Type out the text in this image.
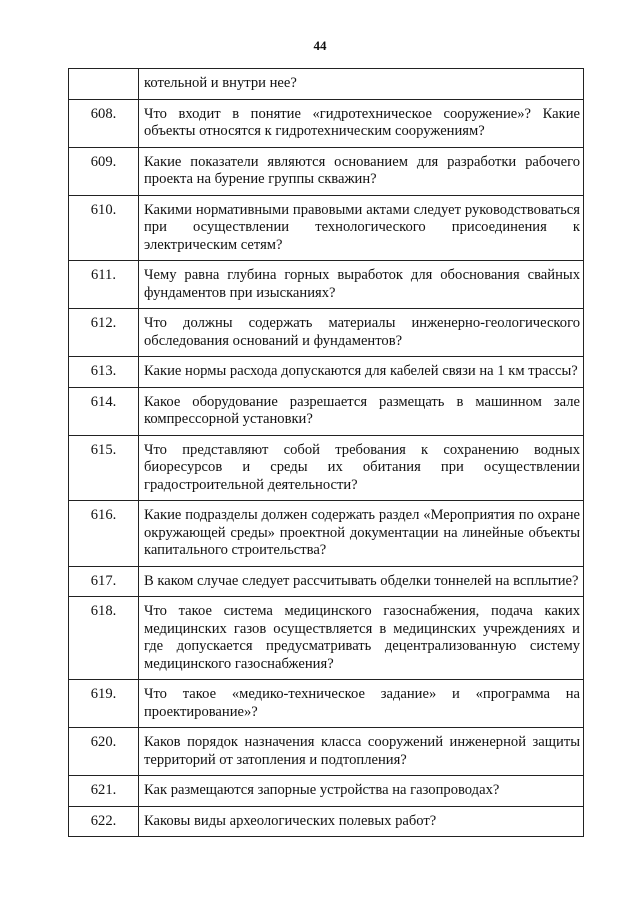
44
	котельной и внутри нее?
608.	Что входит в понятие «гидротехническое сооружение»? Какие объекты относятся к гидротехническим сооружениям?
609.	Какие показатели являются основанием для разработки рабочего проекта на бурение группы скважин?
610.	Какими нормативными правовыми актами следует руководствоваться при осуществлении технологического присоединения к электрическим сетям?
611.	Чему равна глубина горных выработок для обоснования свайных фундаментов при изысканиях?
612.	Что должны содержать материалы инженерно-геологического обследования оснований и фундаментов?
613.	Какие нормы расхода допускаются для кабелей связи на 1 км трассы?
614.	Какое оборудование разрешается размещать в машинном зале компрессорной установки?
615.	Что представляют собой требования к сохранению водных биоресурсов и среды их обитания при осуществлении градостроительной деятельности?
616.	Какие подразделы должен содержать раздел «Мероприятия по охране окружающей среды» проектной документации на линейные объекты капитального строительства?
617.	В каком случае следует рассчитывать обделки тоннелей на всплытие?
618.	Что такое система медицинского газоснабжения, подача каких медицинских газов осуществляется в медицинских учреждениях и где допускается предусматривать децентрализованную систему медицинского газоснабжения?
619.	Что такое «медико-техническое задание» и «программа на проектирование»?
620.	Каков порядок назначения класса сооружений инженерной защиты территорий от затопления и подтопления?
621.	Как размещаются запорные устройства на газопроводах?
622.	Каковы виды археологических полевых работ?
